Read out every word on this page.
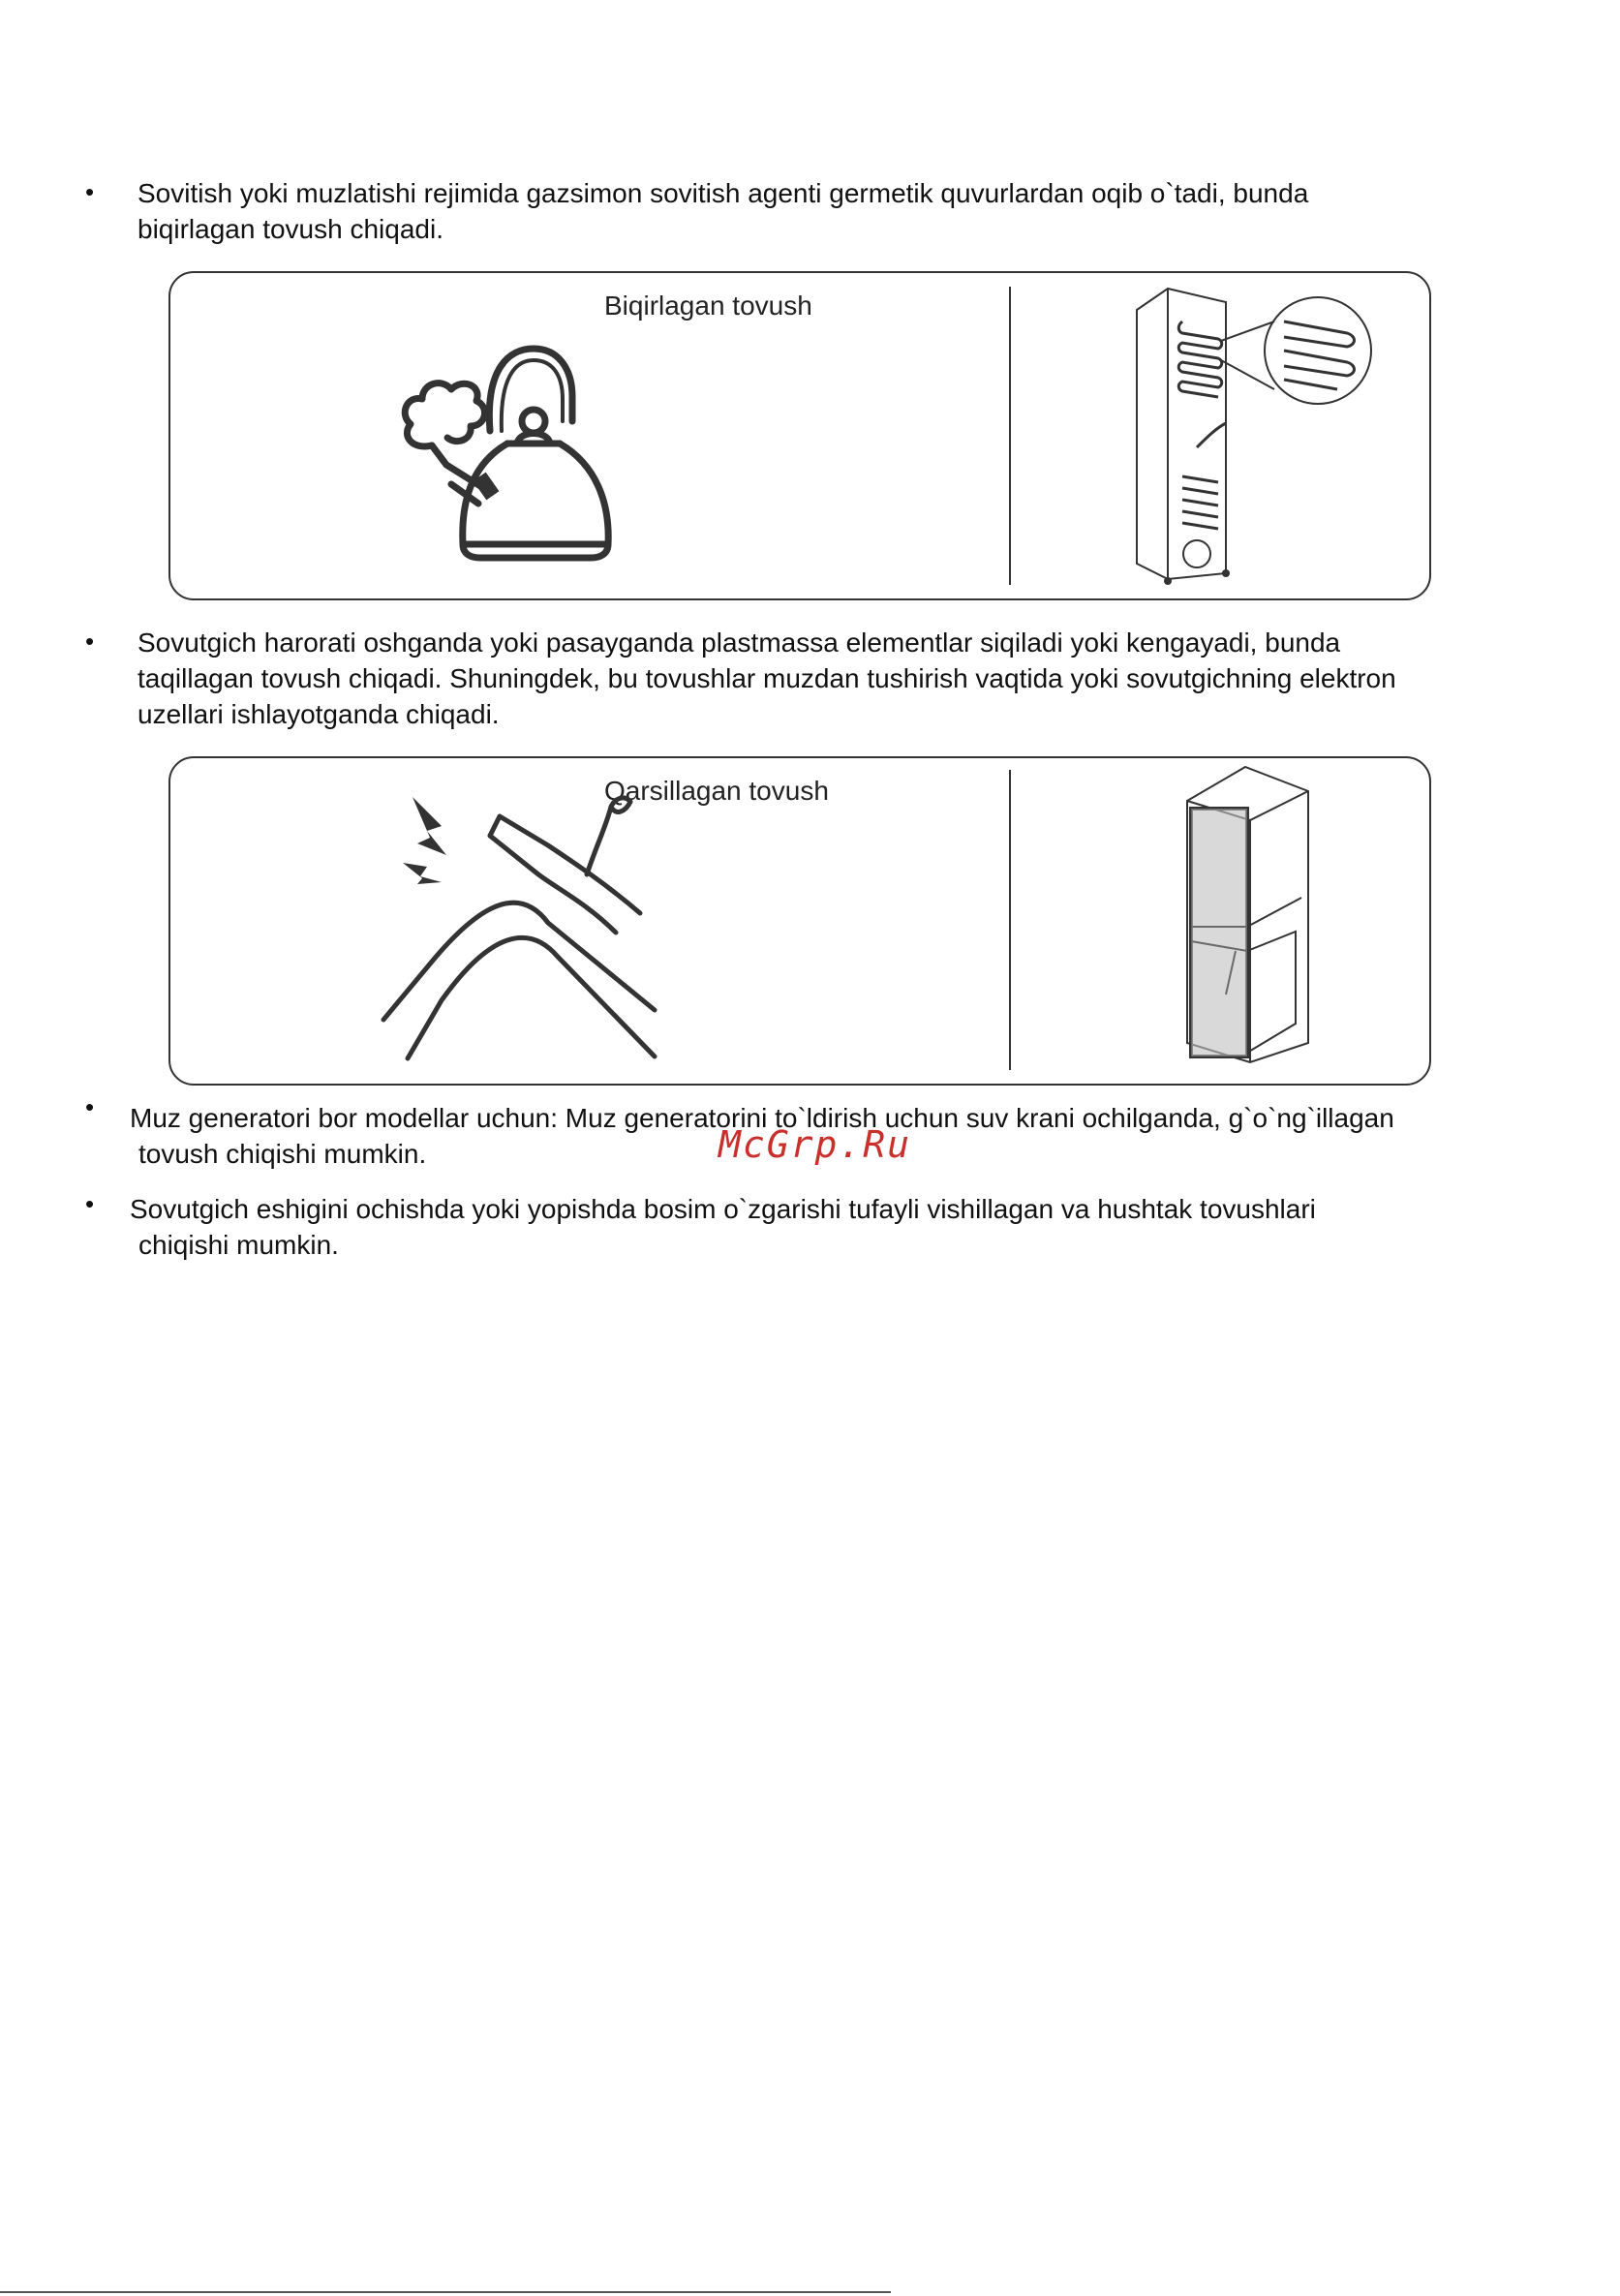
• Sovitish yoki muzlatishi rejimida gazsimon sovitish agenti germetik quvurlardan oqib o`tadi, bunda
biqirlagan tovush chiqadi.
Biqirlagan tovush
• Sovutgich harorati oshganda yoki pasayganda plastmassa elementlar siqiladi yoki kengayadi, bunda
taqillagan tovush chiqadi. Shuningdek, bu tovushlar muzdan tushirish vaqtida yoki sovutgichning elektron
uzellari ishlayotganda chiqadi.
Qarsillagan tovush
• Muz generatori bor modellar uchun: Muz generatorini to`ldirish uchun suv krani ochilganda, g`o`ng`illagan
tovush chiqishi mumkin.	McGrp.Ru
• Sovutgich eshigini ochishda yoki yopishda bosim o`zgarishi tufayli vishillagan va hushtak tovushlari
chiqishi mumkin.
